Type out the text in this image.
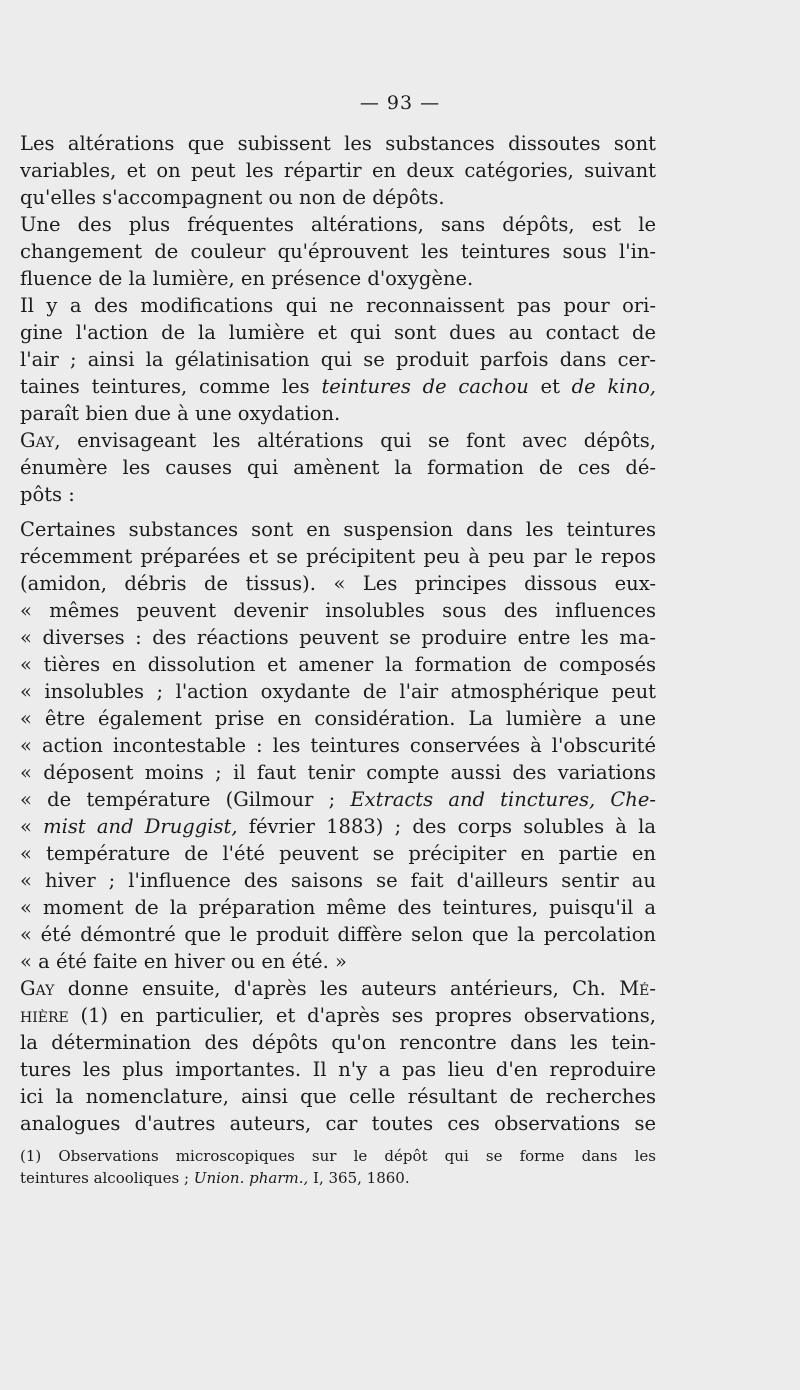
— 93 —
Les altérations que subissent les substances dissoutes sont
variables, et on peut les répartir en deux catégories, suivant
qu'elles s'accompagnent ou non de dépôts.
Une des plus fréquentes altérations, sans dépôts, est le
changement de couleur qu'éprouvent les teintures sous l'in-
fluence de la lumière, en présence d'oxygène.
Il y a des modifications qui ne reconnaissent pas pour ori-
gine l'action de la lumière et qui sont dues au contact de
l'air ; ainsi la gélatinisation qui se produit parfois dans cer-
taines teintures, comme les teintures de cachou et de kino,
paraît bien due à une oxydation.
Gay, envisageant les altérations qui se font avec dépôts,
énumère les causes qui amènent la formation de ces dé-
pôts :
Certaines substances sont en suspension dans les teintures
récemment préparées et se précipitent peu à peu par le repos
(amidon, débris de tissus). « Les principes dissous eux-
« mêmes peuvent devenir insolubles sous des influences
« diverses : des réactions peuvent se produire entre les ma-
« tières en dissolution et amener la formation de composés
« insolubles ; l'action oxydante de l'air atmosphérique peut
« être également prise en considération. La lumière a une
« action incontestable : les teintures conservées à l'obscurité
« déposent moins ; il faut tenir compte aussi des variations
« de température (Gilmour ; Extracts and tinctures, Che-
« mist and Druggist, février 1883) ; des corps solubles à la
« température de l'été peuvent se précipiter en partie en
« hiver ; l'influence des saisons se fait d'ailleurs sentir au
« moment de la préparation même des teintures, puisqu'il a
« été démontré que le produit diffère selon que la percolation
« a été faite en hiver ou en été. »
Gay donne ensuite, d'après les auteurs antérieurs, Ch. Mé-
hière (1) en particulier, et d'après ses propres observations,
la détermination des dépôts qu'on rencontre dans les tein-
tures les plus importantes. Il n'y a pas lieu d'en reproduire
ici la nomenclature, ainsi que celle résultant de recherches
analogues d'autres auteurs, car toutes ces observations se
(1) Observations microscopiques sur le dépôt qui se forme dans les
teintures alcooliques ; Union. pharm., I, 365, 1860.
